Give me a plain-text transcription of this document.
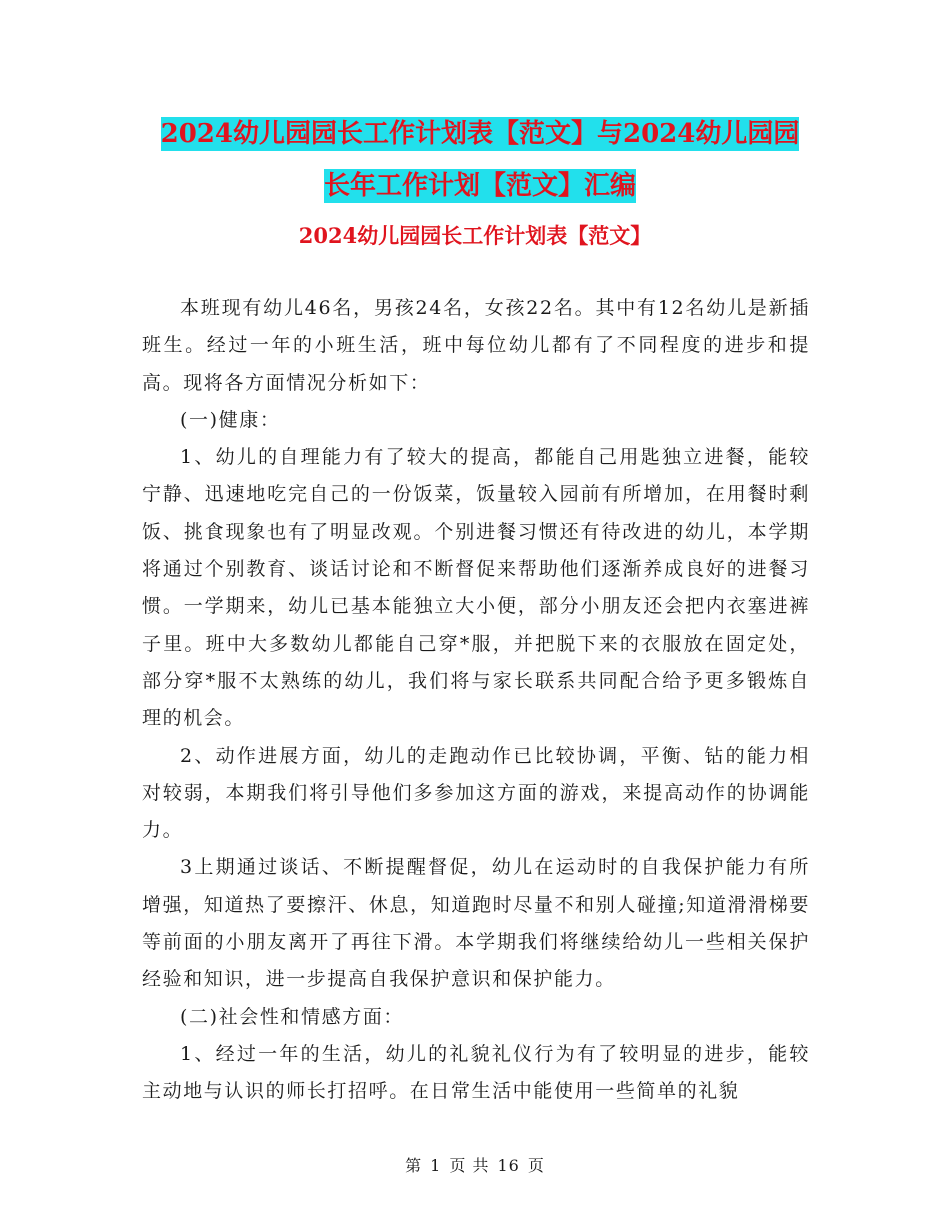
2024幼儿园园长工作计划表【范文】与2024幼儿园园
长年工作计划【范文】汇编
2024幼儿园园长工作计划表【范文】

本班现有幼儿46名，男孩24名，女孩22名。其中有12名幼儿是新插班生。经过一年的小班生活，班中每位幼儿都有了不同程度的进步和提高。现将各方面情况分析如下：

(一)健康：

1、幼儿的自理能力有了较大的提高，都能自己用匙独立进餐，能较宁静、迅速地吃完自己的一份饭菜，饭量较入园前有所增加，在用餐时剩饭、挑食现象也有了明显改观。个别进餐习惯还有待改进的幼儿，本学期将通过个别教育、谈话讨论和不断督促来帮助他们逐渐养成良好的进餐习惯。一学期来，幼儿已基本能独立大小便，部分小朋友还会把内衣塞进裤子里。班中大多数幼儿都能自己穿*服，并把脱下来的衣服放在固定处，部分穿*服不太熟练的幼儿，我们将与家长联系共同配合给予更多锻炼自理的机会。

2、动作进展方面，幼儿的走跑动作已比较协调，平衡、钻的能力相对较弱，本期我们将引导他们多参加这方面的游戏，来提高动作的协调能力。

3上期通过谈话、不断提醒督促，幼儿在运动时的自我保护能力有所增强，知道热了要擦汗、休息，知道跑时尽量不和别人碰撞;知道滑滑梯要等前面的小朋友离开了再往下滑。本学期我们将继续给幼儿一些相关保护经验和知识，进一步提高自我保护意识和保护能力。

(二)社会性和情感方面：

1、经过一年的生活，幼儿的礼貌礼仪行为有了较明显的进步，能较主动地与认识的师长打招呼。在日常生活中能使用一些简单的礼貌

第 1 页 共 16 页
